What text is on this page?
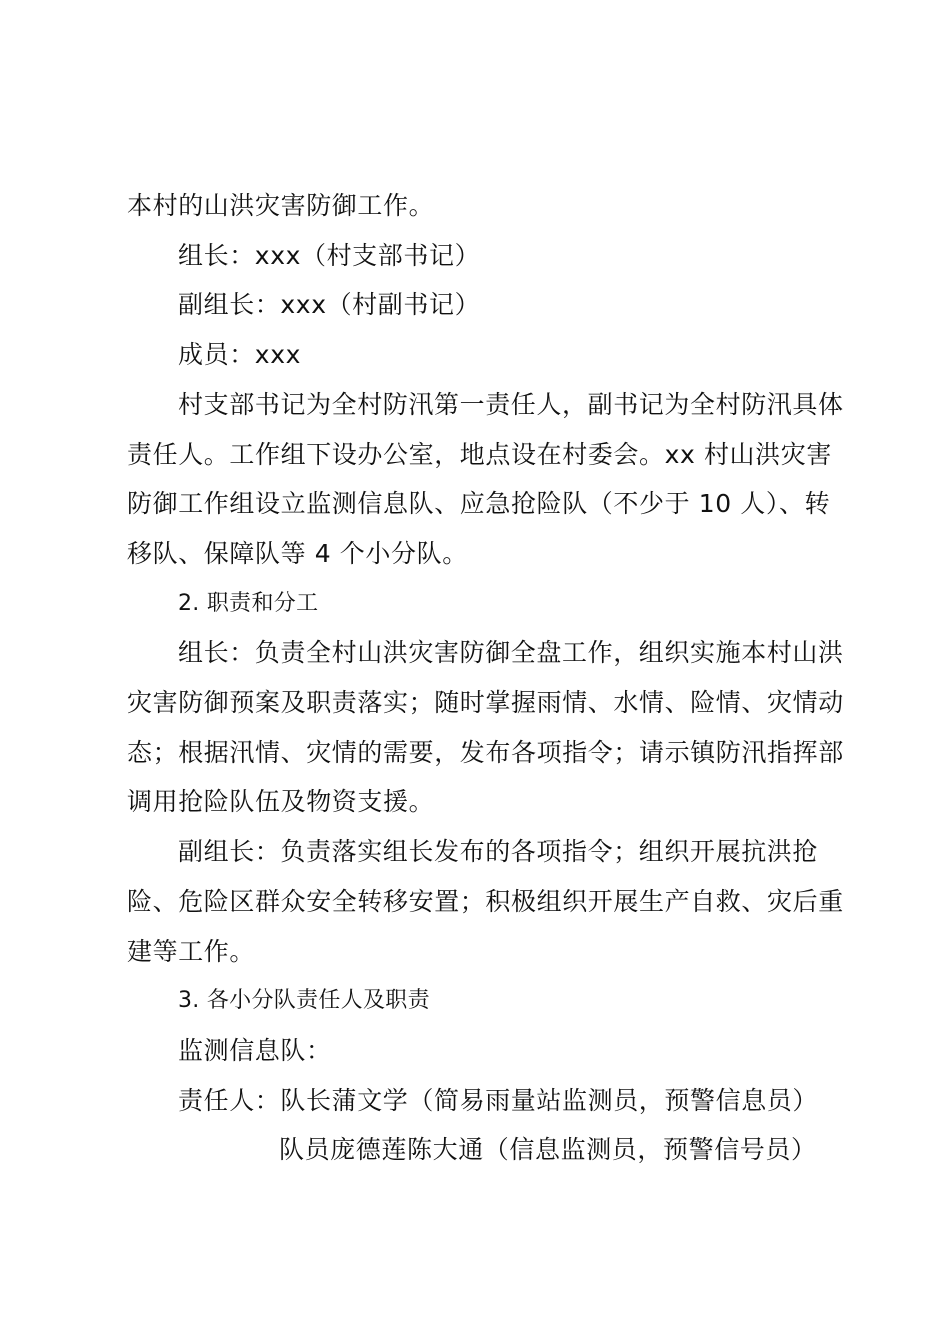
本村的山洪灾害防御工作。

组长：xxx（村支部书记）

副组长：xxx（村副书记）

成员：xxx

村支部书记为全村防汛第一责任人，副书记为全村防汛具体责任人。工作组下设办公室，地点设在村委会。xx 村山洪灾害防御工作组设立监测信息队、应急抢险队（不少于 10 人）、转移队、保障队等 4 个小分队。

2. 职责和分工

组长：负责全村山洪灾害防御全盘工作，组织实施本村山洪灾害防御预案及职责落实；随时掌握雨情、水情、险情、灾情动态；根据汛情、灾情的需要，发布各项指令；请示镇防汛指挥部调用抢险队伍及物资支援。

副组长：负责落实组长发布的各项指令；组织开展抗洪抢险、危险区群众安全转移安置；积极组织开展生产自救、灾后重建等工作。

3. 各小分队责任人及职责

监测信息队：

责任人：队长蒲文学（简易雨量站监测员，预警信息员）

队员庞德莲陈大通（信息监测员，预警信号员）
